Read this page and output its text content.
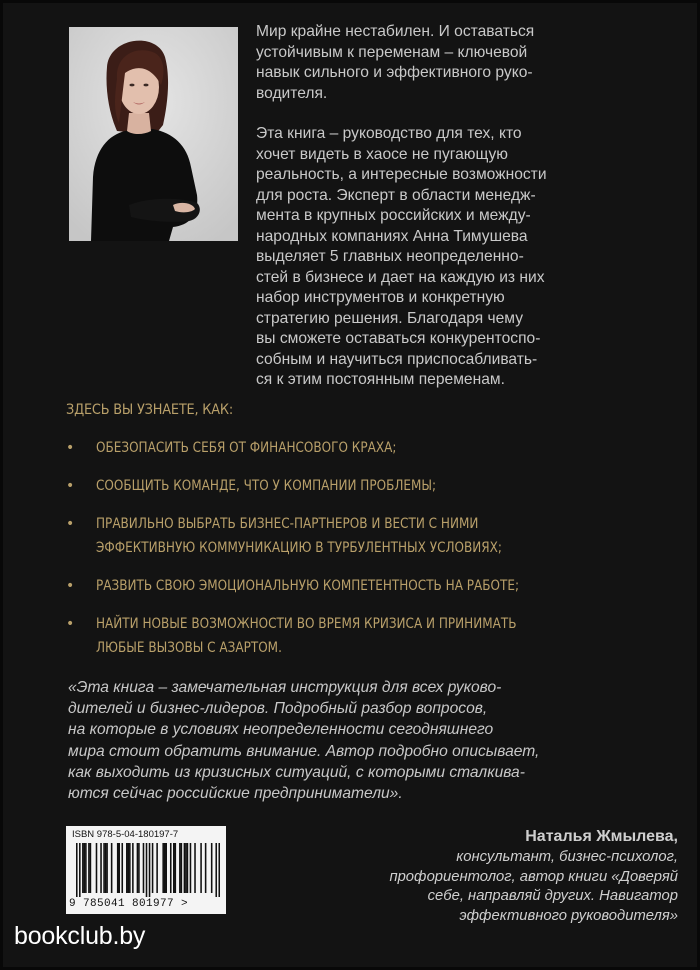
Мир крайне нестабилен. И оставаться
устойчивым к переменам – ключевой
навык сильного и эффективного руко-
водителя.

Эта книга – руководство для тех, кто
хочет видеть в хаосе не пугающую
реальность, а интересные возможности
для роста. Эксперт в области менедж-
мента в крупных российских и между-
народных компаниях Анна Тимушева
выделяет 5 главных неопределенно-
стей в бизнесе и дает на каждую из них
набор инструментов и конкретную
стратегию решения. Благодаря чему
вы сможете оставаться конкурентоспо-
собным и научиться приспосабливать-
ся к этим постоянным переменам.

ЗДЕСЬ ВЫ УЗНАЕТЕ, КАК:
• ОБЕЗОПАСИТЬ СЕБЯ ОТ ФИНАНСОВОГО КРАХА;
• СООБЩИТЬ КОМАНДЕ, ЧТО У КОМПАНИИ ПРОБЛЕМЫ;
• ПРАВИЛЬНО ВЫБРАТЬ БИЗНЕС-ПАРТНЕРОВ И ВЕСТИ С НИМИ
ЭФФЕКТИВНУЮ КОММУНИКАЦИЮ В ТУРБУЛЕНТНЫХ УСЛОВИЯХ;
• РАЗВИТЬ СВОЮ ЭМОЦИОНАЛЬНУЮ КОМПЕТЕНТНОСТЬ НА РАБОТЕ;
• НАЙТИ НОВЫЕ ВОЗМОЖНОСТИ ВО ВРЕМЯ КРИЗИСА И ПРИНИМАТЬ
ЛЮБЫЕ ВЫЗОВЫ С АЗАРТОМ.
«Эта книга – замечательная инструкция для всех руково-
дителей и бизнес-лидеров. Подробный разбор вопросов,
на которые в условиях неопределенности сегодняшнего
мира стоит обратить внимание. Автор подробно описывает,
как выходить из кризисных ситуаций, с которыми сталкива-
ются сейчас российские предприниматели».
ISBN 978-5-04-180197-7
9 785041 801977 >
Наталья Жмылева,
консультант, бизнес-психолог,
профориентолог, автор книги «Доверяй
себе, направляй других. Навигатор
эффективного руководителя»
bookclub.by
